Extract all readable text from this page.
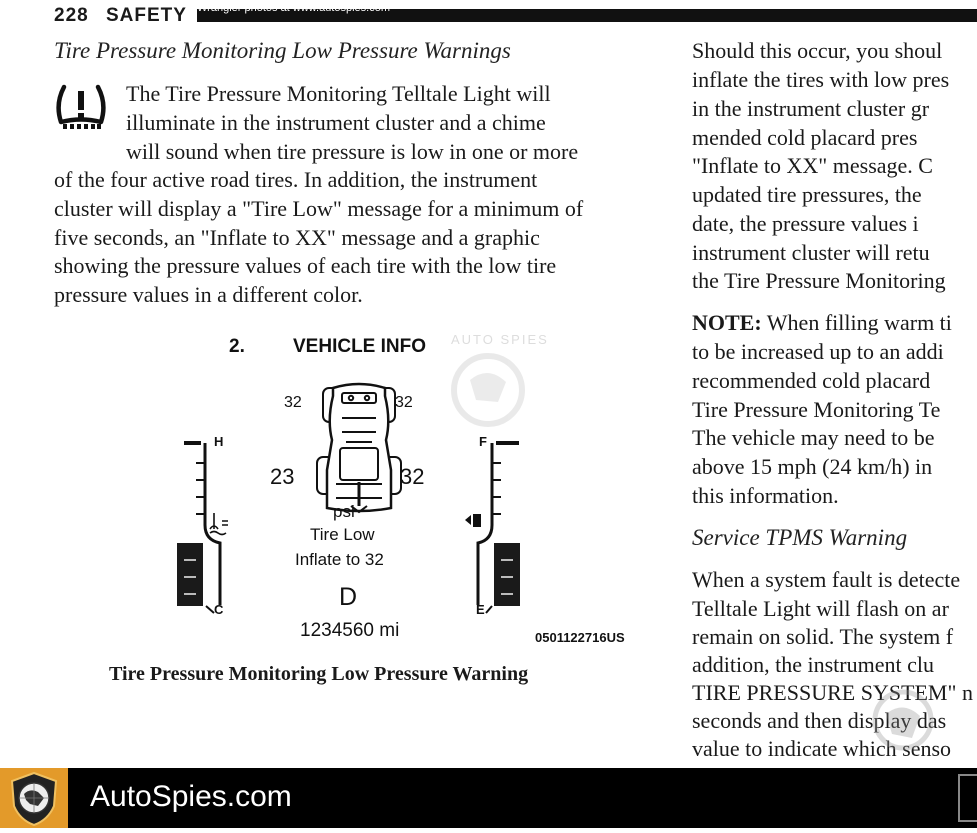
228 SAFETY Wrangler photos at www.autospies.com
Tire Pressure Monitoring Low Pressure Warnings
The Tire Pressure Monitoring Telltale Light will
illuminate in the instrument cluster and a chime
will sound when tire pressure is low in one or more
of the four active road tires. In addition, the instrument
cluster will display a "Tire Low" message for a minimum of
five seconds, an "Inflate to XX" message and a graphic
showing the pressure values of each tire with the low tire
pressure values in a different color.
2.	VEHICLE INFO AUTO SPIES
32	32
23	32
psi
Tire Low
Inflate to 32
D
1234560 mi
H
C
F
E
0501122716US
Tire Pressure Monitoring Low Pressure Warning
Should this occur, you shoul
inflate the tires with low pres
in the instrument cluster gr
mended cold placard pres
"Inflate to XX" message. C
updated tire pressures, the
date, the pressure values i
instrument cluster will retu
the Tire Pressure Monitoring
NOTE: When filling warm ti
to be increased up to an addi
recommended cold placard
Tire Pressure Monitoring Te
The vehicle may need to be
above 15 mph (24 km/h) in
this information.
When a system fault is detecte
Telltale Light will flash on ar
remain on solid. The system f
addition, the instrument clu
TIRE PRESSURE SYSTEM" n
seconds and then display das
value to indicate which senso
Service TPMS Warning
AutoSpies.com
